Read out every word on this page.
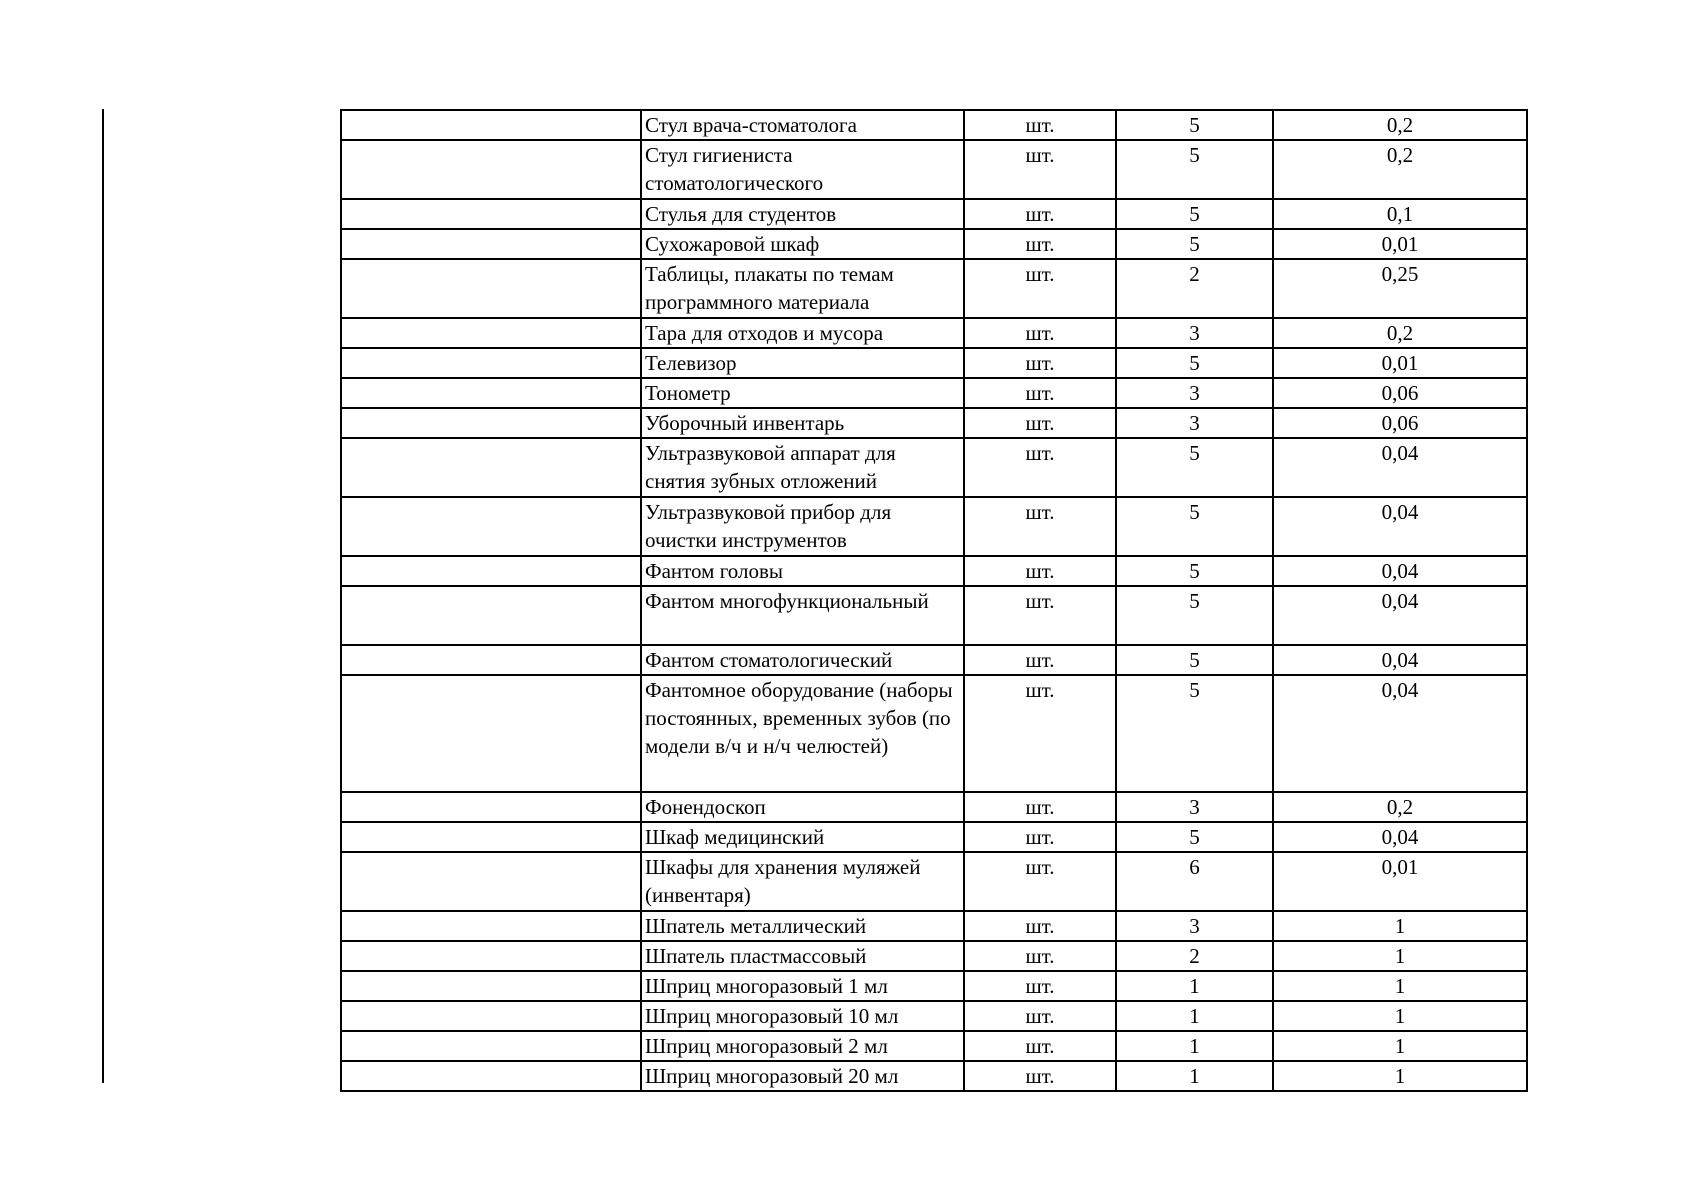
	Стул врача-стоматолога	шт.	5	0,2
	Стул гигиениста стоматологического	шт.	5	0,2
	Стулья для студентов	шт.	5	0,1
	Сухожаровой шкаф	шт.	5	0,01
	Таблицы, плакаты по темам программного материала	шт.	2	0,25
	Тара для отходов и мусора	шт.	3	0,2
	Телевизор	шт.	5	0,01
	Тонометр	шт.	3	0,06
	Уборочный инвентарь	шт.	3	0,06
	Ультразвуковой аппарат для снятия зубных отложений	шт.	5	0,04
	Ультразвуковой прибор для очистки инструментов	шт.	5	0,04
	Фантом головы	шт.	5	0,04
	Фантом многофункциональный	шт.	5	0,04
	Фантом стоматологический	шт.	5	0,04
	Фантомное оборудование (наборы постоянных, временных зубов (по модели в/ч и н/ч челюстей)	шт.	5	0,04
	Фонендоскоп	шт.	3	0,2
	Шкаф медицинский	шт.	5	0,04
	Шкафы для хранения муляжей (инвентаря)	шт.	6	0,01
	Шпатель металлический	шт.	3	1
	Шпатель пластмассовый	шт.	2	1
	Шприц многоразовый 1 мл	шт.	1	1
	Шприц многоразовый 10 мл	шт.	1	1
	Шприц многоразовый 2 мл	шт.	1	1
	Шприц многоразовый 20 мл	шт.	1	1
